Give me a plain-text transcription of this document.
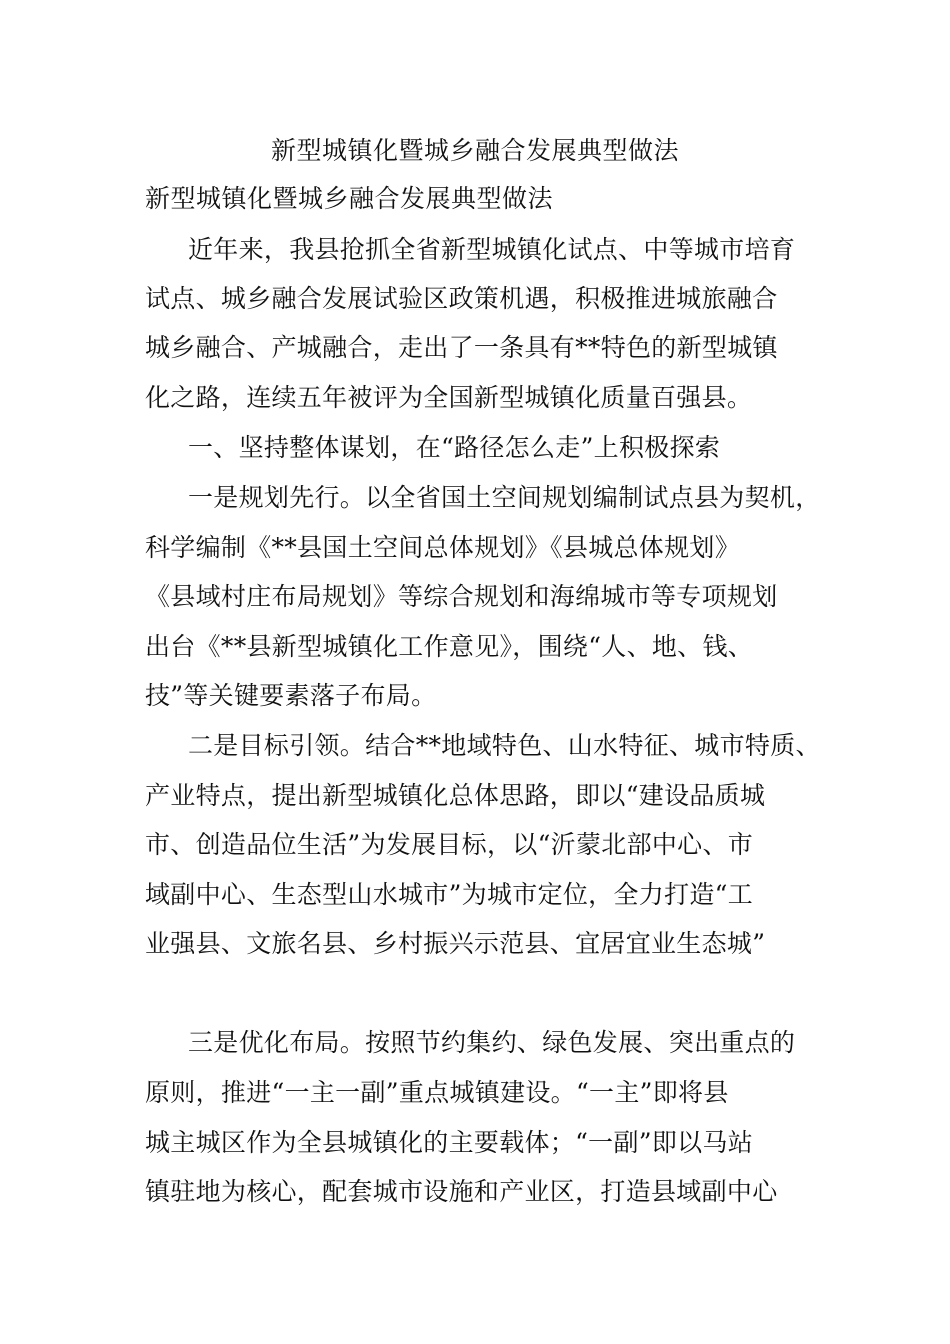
新型城镇化暨城乡融合发展典型做法
新型城镇化暨城乡融合发展典型做法
近年来，我县抢抓全省新型城镇化试点、中等城市培育
试点、城乡融合发展试验区政策机遇，积极推进城旅融合
城乡融合、产城融合，走出了一条具有**特色的新型城镇
化之路，连续五年被评为全国新型城镇化质量百强县。
一、坚持整体谋划，在“路径怎么走”上积极探索
一是规划先行。以全省国土空间规划编制试点县为契机，
科学编制《**县国土空间总体规划》《县城总体规划》
《县域村庄布局规划》等综合规划和海绵城市等专项规划
出台《**县新型城镇化工作意见》，围绕“人、地、钱、
技”等关键要素落子布局。
二是目标引领。结合**地域特色、山水特征、城市特质、
产业特点，提出新型城镇化总体思路，即以“建设品质城
市、创造品位生活”为发展目标，以“沂蒙北部中心、市
域副中心、生态型山水城市”为城市定位，全力打造“工
业强县、文旅名县、乡村振兴示范县、宜居宜业生态城”
三是优化布局。按照节约集约、绿色发展、突出重点的
原则，推进“一主一副”重点城镇建设。“一主”即将县
城主城区作为全县城镇化的主要载体；“一副”即以马站
镇驻地为核心，配套城市设施和产业区，打造县域副中心
